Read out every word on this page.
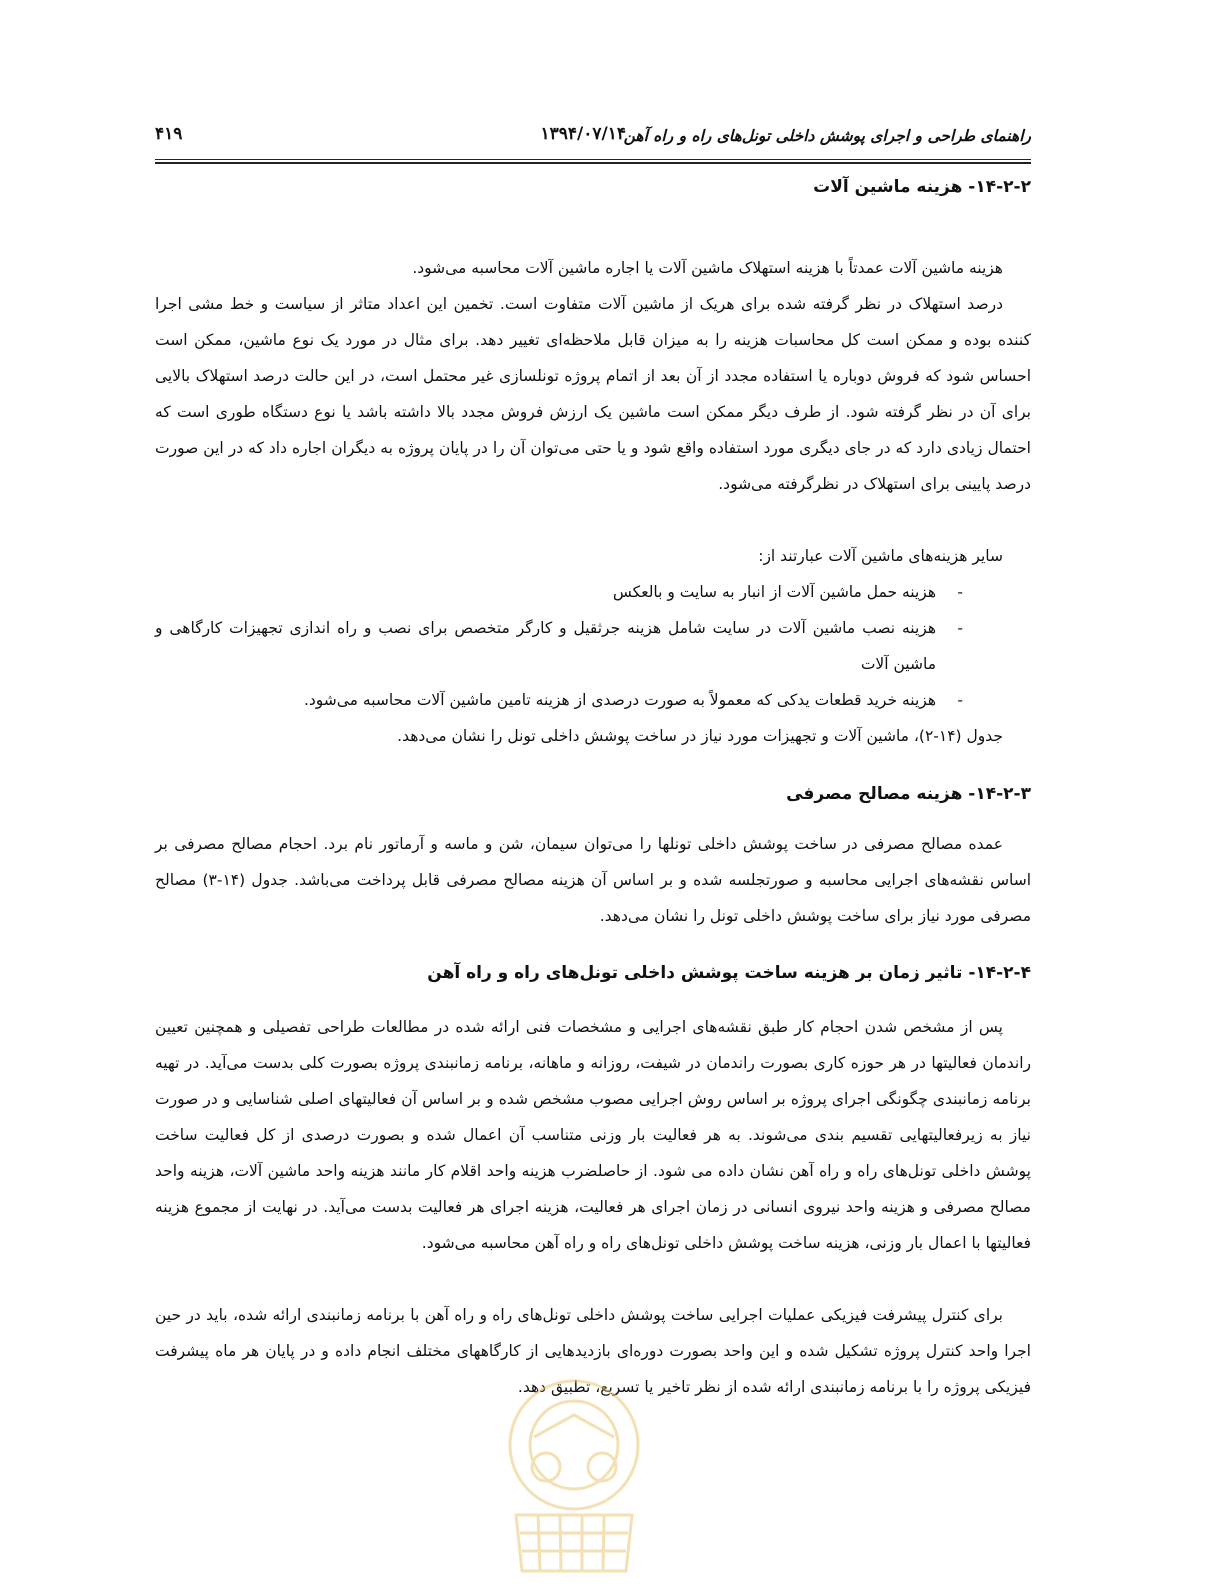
راهنمای طراحی و اجرای پوشش داخلی تونل‌های راه و راه آهن
۱۳۹۴/۰۷/۱۴
۴۱۹
۱۴-۲-۲- هزینه ماشین آلات
هزینه ماشین آلات عمدتاً با هزینه استهلاک ماشین آلات یا اجاره ماشین آلات محاسبه می‌شود.
درصد استهلاک در نظر گرفته شده برای هریک از ماشین آلات متفاوت است. تخمین این اعداد متاثر از سیاست و خط مشی اجرا کننده بوده و ممکن است کل محاسبات هزینه را به میزان قابل ملاحظه‌ای تغییر دهد. برای مثال در مورد یک نوع ماشین، ممکن است احساس شود که فروش دوباره یا استفاده مجدد از آن بعد از اتمام پروژه تونلسازی غیر محتمل است، در این حالت درصد استهلاک بالایی برای آن در نظر گرفته شود. از طرف دیگر ممکن است ماشین یک ارزش فروش مجدد بالا داشته باشد یا نوع دستگاه طوری است که احتمال زیادی دارد که در جای دیگری مورد استفاده واقع شود و یا حتی می‌توان آن را در پایان پروژه به دیگران اجاره داد که در این صورت درصد پایینی برای استهلاک در نظرگرفته می‌شود.
سایر هزینه‌های ماشین آلات عبارتند از:
-
هزینه حمل ماشین آلات از انبار به سایت و بالعکس
-
هزینه نصب ماشین آلات در سایت شامل هزینه جرثقیل و کارگر متخصص برای نصب و راه اندازی تجهیزات کارگاهی و ماشین آلات
-
هزینه خرید قطعات یدکی که معمولاً به صورت درصدی از هزینه تامین ماشین آلات محاسبه می‌شود.
جدول (۱۴-۲)، ماشین آلات و تجهیزات مورد نیاز در ساخت پوشش داخلی تونل را نشان می‌دهد.
۱۴-۲-۳- هزینه مصالح مصرفی
عمده مصالح مصرفی در ساخت پوشش داخلی تونلها را می‌توان سیمان، شن و ماسه و آرماتور نام برد. احجام مصالح مصرفی بر اساس نقشه‌های اجرایی محاسبه و صورتجلسه شده و بر اساس آن هزینه مصالح مصرفی قابل پرداخت می‌باشد. جدول (۱۴-۳) مصالح مصرفی مورد نیاز برای ساخت پوشش داخلی تونل را نشان می‌دهد.
۱۴-۲-۴- تاثیر زمان بر هزینه ساخت پوشش داخلی تونل‌های راه و راه آهن
پس از مشخص شدن احجام کار طبق نقشه‌های اجرایی و مشخصات فنی ارائه شده در مطالعات طراحی تفصیلی و همچنین تعیین راندمان فعالیتها در هر حوزه کاری بصورت راندمان در شیفت، روزانه و ماهانه، برنامه زمانبندی پروژه بصورت کلی بدست می‌آید. در تهیه برنامه زمانبندی چگونگی اجرای پروژه بر اساس روش اجرایی مصوب مشخص شده و بر اساس آن فعالیتهای اصلی شناسایی و در صورت نیاز به زیرفعالیتهایی تقسیم بندی می‌شوند. به هر فعالیت بار وزنی متناسب آن اعمال شده و بصورت درصدی از کل فعالیت ساخت پوشش داخلی تونل‌های راه و راه آهن نشان داده می شود. از حاصلضرب هزینه واحد اقلام کار مانند هزینه واحد ماشین آلات، هزینه واحد مصالح مصرفی و هزینه واحد نیروی انسانی در زمان اجرای هر فعالیت، هزینه اجرای هر فعالیت بدست می‌آید. در نهایت از مجموع هزینه فعالیتها با اعمال بار وزنی، هزینه ساخت پوشش داخلی تونل‌های راه و راه آهن محاسبه می‌شود.
برای کنترل پیشرفت فیزیکی عملیات اجرایی ساخت پوشش داخلی تونل‌های راه و راه آهن با برنامه زمانبندی ارائه شده، باید در حین اجرا واحد کنترل پروژه تشکیل شده و این واحد بصورت دوره‌ای بازدیدهایی از کارگاههای مختلف انجام داده و در پایان هر ماه پیشرفت فیزیکی پروژه را با برنامه زمانبندی ارائه شده از نظر تاخیر یا تسریع، تطبیق دهد.
